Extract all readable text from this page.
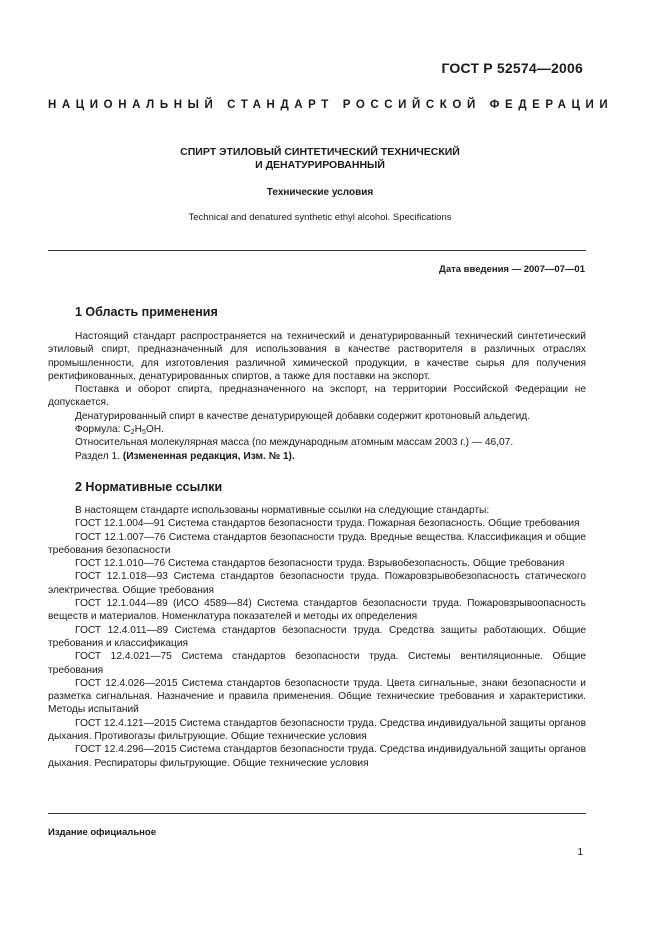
ГОСТ Р 52574—2006
НАЦИОНАЛЬНЫЙ СТАНДАРТ РОССИЙСКОЙ ФЕДЕРАЦИИ
СПИРТ ЭТИЛОВЫЙ СИНТЕТИЧЕСКИЙ ТЕХНИЧЕСКИЙ
И ДЕНАТУРИРОВАННЫЙ
Технические условия
Technical and denatured synthetic ethyl alcohol. Specifications
Дата введения — 2007—07—01
1 Область применения

Настоящий стандарт распространяется на технический и денатурированный технический синтетический этиловый спирт, предназначенный для использования в качестве растворителя в различных отраслях промышленности, для изготовления различной химической продукции, в качестве сырья для получения ректификованных, денатурированных спиртов, а также для поставки на экспорт.

Поставка и оборот спирта, предназначенного на экспорт, на территории Российской Федерации не допускается.

Денатурированный спирт в качестве денатурирующей добавки содержит кротоновый альдегид.

Формула: $C_2H_5OH$.

Относительная молекулярная масса (по международным атомным массам 2003 г.) — 46,07.

Раздел 1. (Измененная редакция, Изм. № 1).

2 Нормативные ссылки

В настоящем стандарте использованы нормативные ссылки на следующие стандарты:

ГОСТ 12.1.004—91 Система стандартов безопасности труда. Пожарная безопасность. Общие требования

ГОСТ 12.1.007—76 Система стандартов безопасности труда. Вредные вещества. Классификация и общие требования безопасности

ГОСТ 12.1.010—76 Система стандартов безопасности труда. Взрывобезопасность. Общие требования

ГОСТ 12.1.018—93 Система стандартов безопасности труда. Пожаровзрывобезопасность статического электричества. Общие требования

ГОСТ 12.1.044—89 (ИСО 4589—84) Система стандартов безопасности труда. Пожаровзрывоопасность веществ и материалов. Номенклатура показателей и методы их определения

ГОСТ 12.4.011—89 Система стандартов безопасности труда. Средства защиты работающих. Общие требования и классификация

ГОСТ 12.4.021—75 Система стандартов безопасности труда. Системы вентиляционные. Общие требования

ГОСТ 12.4.026—2015 Система стандартов безопасности труда. Цвета сигнальные, знаки безопасности и разметка сигнальная. Назначение и правила применения. Общие технические требования и характеристики. Методы испытаний

ГОСТ 12.4.121—2015 Система стандартов безопасности труда. Средства индивидуальной защиты органов дыхания. Противогазы фильтрующие. Общие технические условия

ГОСТ 12.4.296—2015 Система стандартов безопасности труда. Средства индивидуальной защиты органов дыхания. Респираторы фильтрующие. Общие технические условия

Издание официальное
1
